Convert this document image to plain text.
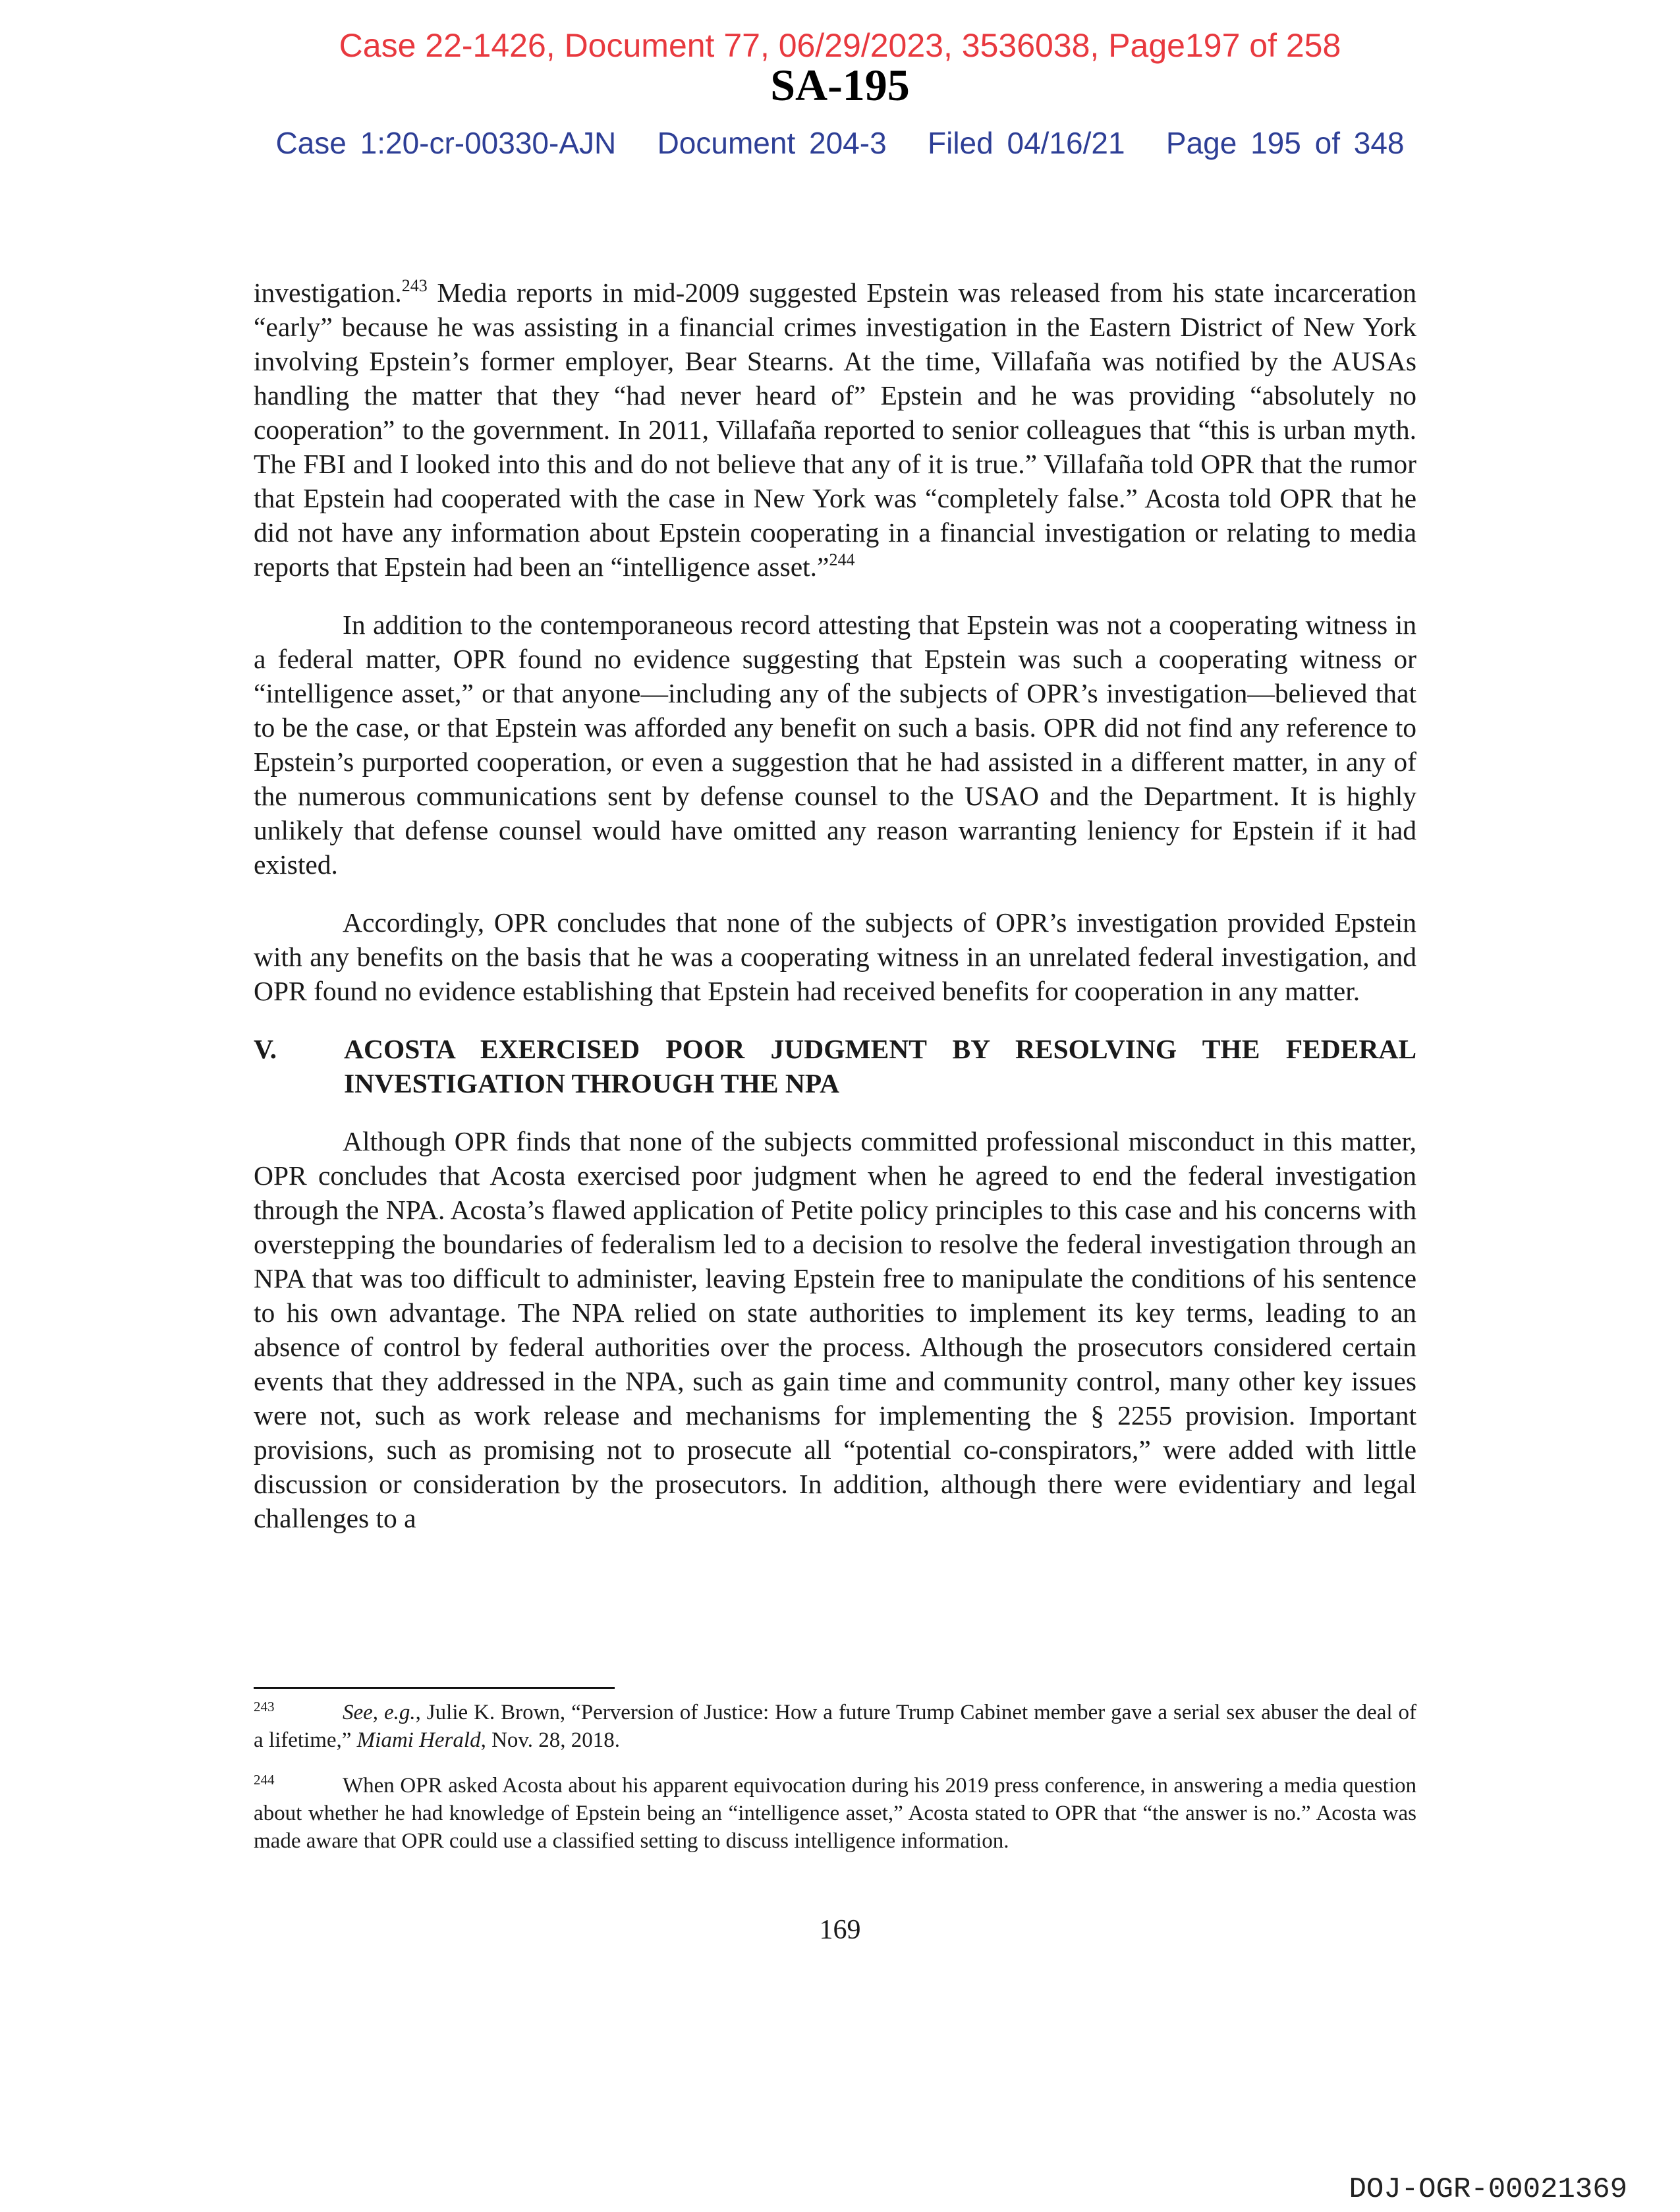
Case 22-1426, Document 77, 06/29/2023, 3536038, Page197 of 258
SA-195
Case 1:20-cr-00330-AJN   Document 204-3   Filed 04/16/21   Page 195 of 348

investigation.$^{243}$ Media reports in mid-2009 suggested Epstein was released from his state incarceration “early” because he was assisting in a financial crimes investigation in the Eastern District of New York involving Epstein’s former employer, Bear Stearns. At the time, Villafaña was notified by the AUSAs handling the matter that they “had never heard of” Epstein and he was providing “absolutely no cooperation” to the government. In 2011, Villafaña reported to senior colleagues that “this is urban myth. The FBI and I looked into this and do not believe that any of it is true.” Villafaña told OPR that the rumor that Epstein had cooperated with the case in New York was “completely false.” Acosta told OPR that he did not have any information about Epstein cooperating in a financial investigation or relating to media reports that Epstein had been an “intelligence asset.”$^{244}$

In addition to the contemporaneous record attesting that Epstein was not a cooperating witness in a federal matter, OPR found no evidence suggesting that Epstein was such a cooperating witness or “intelligence asset,” or that anyone—including any of the subjects of OPR’s investigation—believed that to be the case, or that Epstein was afforded any benefit on such a basis. OPR did not find any reference to Epstein’s purported cooperation, or even a suggestion that he had assisted in a different matter, in any of the numerous communications sent by defense counsel to the USAO and the Department. It is highly unlikely that defense counsel would have omitted any reason warranting leniency for Epstein if it had existed.

Accordingly, OPR concludes that none of the subjects of OPR’s investigation provided Epstein with any benefits on the basis that he was a cooperating witness in an unrelated federal investigation, and OPR found no evidence establishing that Epstein had received benefits for cooperation in any matter.

V.	ACOSTA EXERCISED POOR JUDGMENT BY RESOLVING THE FEDERAL INVESTIGATION THROUGH THE NPA

Although OPR finds that none of the subjects committed professional misconduct in this matter, OPR concludes that Acosta exercised poor judgment when he agreed to end the federal investigation through the NPA. Acosta’s flawed application of Petite policy principles to this case and his concerns with overstepping the boundaries of federalism led to a decision to resolve the federal investigation through an NPA that was too difficult to administer, leaving Epstein free to manipulate the conditions of his sentence to his own advantage. The NPA relied on state authorities to implement its key terms, leading to an absence of control by federal authorities over the process. Although the prosecutors considered certain events that they addressed in the NPA, such as gain time and community control, many other key issues were not, such as work release and mechanisms for implementing the § 2255 provision. Important provisions, such as promising not to prosecute all “potential co-conspirators,” were added with little discussion or consideration by the prosecutors. In addition, although there were evidentiary and legal challenges to a

243	See, e.g., Julie K. Brown, “Perversion of Justice: How a future Trump Cabinet member gave a serial sex abuser the deal of a lifetime,” Miami Herald, Nov. 28, 2018.

244	When OPR asked Acosta about his apparent equivocation during his 2019 press conference, in answering a media question about whether he had knowledge of Epstein being an “intelligence asset,” Acosta stated to OPR that “the answer is no.” Acosta was made aware that OPR could use a classified setting to discuss intelligence information.

169
DOJ-OGR-00021369
